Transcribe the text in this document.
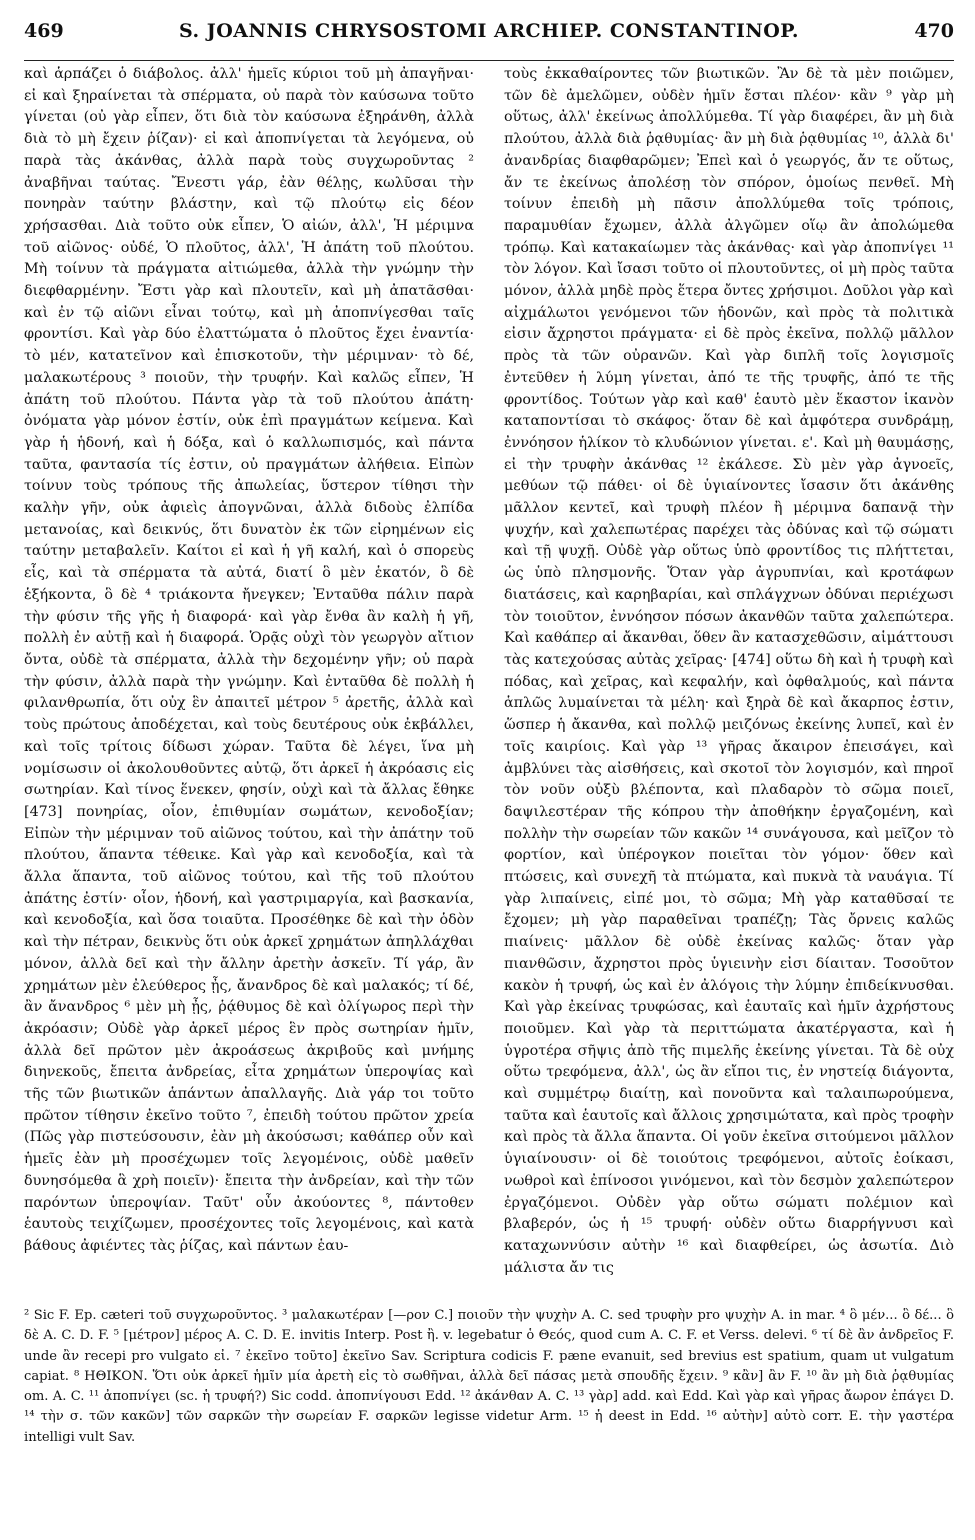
469	S. JOANNIS CHRYSOSTOMI ARCHIEP. CONSTANTINOP.	470

καὶ ἁρπάζει ὁ διάβολος. ἀλλ' ἡμεῖς κύριοι τοῦ μὴ ἀπαγῆναι· εἰ καὶ ξηραίνεται τὰ σπέρματα, οὐ παρὰ τὸν καύσωνα τοῦτο γίνεται (οὐ γὰρ εἶπεν, ὅτι διὰ τὸν καύσωνα ἐξηράνθη, ἀλλὰ διὰ τὸ μὴ ἔχειν ῥίζαν)· εἰ καὶ ἀποπνίγεται τὰ λεγόμενα, οὐ παρὰ τὰς ἀκάνθας, ἀλλὰ παρὰ τοὺς συγχωροῦντας ² ἀναβῆναι ταύτας. Ἔνεστι γάρ, ἐὰν θέλῃς, κωλῦσαι τὴν πονηρὰν ταύτην βλάστην, καὶ τῷ πλούτῳ εἰς δέον χρήσασθαι. Διὰ τοῦτο οὐκ εἶπεν, Ὁ αἰών, ἀλλ', Ἡ μέριμνα τοῦ αἰῶνος· οὐδέ, Ὁ πλοῦτος, ἀλλ', Ἡ ἀπάτη τοῦ πλούτου. Μὴ τοίνυν τὰ πράγματα αἰτιώμεθα, ἀλλὰ τὴν γνώμην τὴν διεφθαρμένην. Ἔστι γὰρ καὶ πλουτεῖν, καὶ μὴ ἀπατᾶσθαι· καὶ ἐν τῷ αἰῶνι εἶναι τούτῳ, καὶ μὴ ἀποπνίγεσθαι ταῖς φροντίσι. Καὶ γὰρ δύο ἐλαττώματα ὁ πλοῦτος ἔχει ἐναντία· τὸ μέν, κατατεῖνον καὶ ἐπισκοτοῦν, τὴν μέριμναν· τὸ δέ, μαλακωτέρους ³ ποιοῦν, τὴν τρυφήν. Καὶ καλῶς εἶπεν, Ἡ ἀπάτη τοῦ πλούτου. Πάντα γὰρ τὰ τοῦ πλούτου ἀπάτη· ὀνόματα γὰρ μόνον ἐστίν, οὐκ ἐπὶ πραγμάτων κείμενα. Καὶ γὰρ ἡ ἡδονή, καὶ ἡ δόξα, καὶ ὁ καλλωπισμός, καὶ πάντα ταῦτα, φαντασία τίς ἐστιν, οὐ πραγμάτων ἀλήθεια. Εἰπὼν τοίνυν τοὺς τρόπους τῆς ἀπωλείας, ὕστερον τίθησι τὴν καλὴν γῆν, οὐκ ἀφιεὶς ἀπογνῶναι, ἀλλὰ διδοὺς ἐλπίδα μετανοίας, καὶ δεικνύς, ὅτι δυνατὸν ἐκ τῶν εἰρημένων εἰς ταύτην μεταβαλεῖν. Καίτοι εἰ καὶ ἡ γῆ καλή, καὶ ὁ σπορεὺς εἷς, καὶ τὰ σπέρματα τὰ αὐτά, διατί ὃ μὲν ἑκατόν, ὃ δὲ ἑξήκοντα, ὃ δὲ ⁴ τριάκοντα ἤνεγκεν; Ἐνταῦθα πάλιν παρὰ τὴν φύσιν τῆς γῆς ἡ διαφορά· καὶ γὰρ ἔνθα ἂν καλὴ ἡ γῆ, πολλὴ ἐν αὐτῇ καὶ ἡ διαφορά. Ὁρᾷς οὐχὶ τὸν γεωργὸν αἴτιον ὄντα, οὐδὲ τὰ σπέρματα, ἀλλὰ τὴν δεχομένην γῆν; οὐ παρὰ τὴν φύσιν, ἀλλὰ παρὰ τὴν γνώμην. Καὶ ἐνταῦθα δὲ πολλὴ ἡ φιλανθρωπία, ὅτι οὐχ ἓν ἀπαιτεῖ μέτρον ⁵ ἀρετῆς, ἀλλὰ καὶ τοὺς πρώτους ἀποδέχεται, καὶ τοὺς δευτέρους οὐκ ἐκβάλλει, καὶ τοῖς τρίτοις δίδωσι χώραν. Ταῦτα δὲ λέγει, ἵνα μὴ νομίσωσιν οἱ ἀκολουθοῦντες αὐτῷ, ὅτι ἀρκεῖ ἡ ἀκρόασις εἰς σωτηρίαν. Καὶ τίνος ἕνεκεν, φησίν, οὐχὶ καὶ τὰ ἄλλας ἔθηκε [473] πονηρίας, οἷον, ἐπιθυμίαν σωμάτων, κενοδοξίαν; Εἰπὼν τὴν μέριμναν τοῦ αἰῶνος τούτου, καὶ τὴν ἀπάτην τοῦ πλούτου, ἅπαντα τέθεικε. Καὶ γὰρ καὶ κενοδοξία, καὶ τὰ ἄλλα ἅπαντα, τοῦ αἰῶνος τούτου, καὶ τῆς τοῦ πλούτου ἀπάτης ἐστίν· οἷον, ἡδονή, καὶ γαστριμαργία, καὶ βασκανία, καὶ κενοδοξία, καὶ ὅσα τοιαῦτα. Προσέθηκε δὲ καὶ τὴν ὁδὸν καὶ τὴν πέτραν, δεικνὺς ὅτι οὐκ ἀρκεῖ χρημάτων ἀπηλλάχθαι μόνον, ἀλλὰ δεῖ καὶ τὴν ἄλλην ἀρετὴν ἀσκεῖν. Τί γάρ, ἂν χρημάτων μὲν ἐλεύθερος ᾖς, ἄνανδρος δὲ καὶ μαλακός; τί δέ, ἂν ἄνανδρος ⁶ μὲν μὴ ᾖς, ῥᾴθυμος δὲ καὶ ὀλίγωρος περὶ τὴν ἀκρόασιν; Οὐδὲ γὰρ ἀρκεῖ μέρος ἓν πρὸς σωτηρίαν ἡμῖν, ἀλλὰ δεῖ πρῶτον μὲν ἀκροάσεως ἀκριβοῦς καὶ μνήμης διηνεκοῦς, ἔπειτα ἀνδρείας, εἶτα χρημάτων ὑπεροψίας καὶ τῆς τῶν βιωτικῶν ἁπάντων ἀπαλλαγῆς. Διὰ γάρ τοι τοῦτο πρῶτον τίθησιν ἐκεῖνο τοῦτο ⁷, ἐπειδὴ τούτου πρῶτον χρεία (Πῶς γὰρ πιστεύσουσιν, ἐὰν μὴ ἀκούσωσι; καθάπερ οὖν καὶ ἡμεῖς ἐὰν μὴ προσέχωμεν τοῖς λεγομένοις, οὐδὲ μαθεῖν δυνησόμεθα ἃ χρὴ ποιεῖν)· ἔπειτα τὴν ἀνδρείαν, καὶ τὴν τῶν παρόντων ὑπεροψίαν. Ταῦτ' οὖν ἀκούοντες ⁸, πάντοθεν ἑαυτοὺς τειχίζωμεν, προσέχοντες τοῖς λεγομένοις, καὶ κατὰ βάθους ἀφιέντες τὰς ῥίζας, καὶ πάντων ἑαυ-

τοὺς ἐκκαθαίροντες τῶν βιωτικῶν. Ἂν δὲ τὰ μὲν ποιῶμεν, τῶν δὲ ἀμελῶμεν, οὐδὲν ἡμῖν ἔσται πλέον· κἂν ⁹ γὰρ μὴ οὕτως, ἀλλ' ἐκείνως ἀπολλύμεθα. Τί γὰρ διαφέρει, ἂν μὴ διὰ πλούτου, ἀλλὰ διὰ ῥᾳθυμίας· ἂν μὴ διὰ ῥᾳθυμίας ¹⁰, ἀλλὰ δι' ἀνανδρίας διαφθαρῶμεν; Ἐπεὶ καὶ ὁ γεωργός, ἄν τε οὕτως, ἄν τε ἐκείνως ἀπολέσῃ τὸν σπόρον, ὁμοίως πενθεῖ. Μὴ τοίνυν ἐπειδὴ μὴ πᾶσιν ἀπολλύμεθα τοῖς τρόποις, παραμυθίαν ἔχωμεν, ἀλλὰ ἀλγῶμεν οἵῳ ἂν ἀπολώμεθα τρόπῳ. Καὶ κατακαίωμεν τὰς ἀκάνθας· καὶ γὰρ ἀποπνίγει ¹¹ τὸν λόγον. Καὶ ἴσασι τοῦτο οἱ πλουτοῦντες, οἱ μὴ πρὸς ταῦτα μόνον, ἀλλὰ μηδὲ πρὸς ἕτερα ὄντες χρήσιμοι. Δοῦλοι γὰρ καὶ αἰχμάλωτοι γενόμενοι τῶν ἡδονῶν, καὶ πρὸς τὰ πολιτικὰ εἰσιν ἄχρηστοι πράγματα· εἰ δὲ πρὸς ἐκεῖνα, πολλῷ μᾶλλον πρὸς τὰ τῶν οὐρανῶν. Καὶ γὰρ διπλῆ τοῖς λογισμοῖς ἐντεῦθεν ἡ λύμη γίνεται, ἀπό τε τῆς τρυφῆς, ἀπό τε τῆς φροντίδος. Τούτων γὰρ καὶ καθ' ἑαυτὸ μὲν ἕκαστον ἱκανὸν καταποντίσαι τὸ σκάφος· ὅταν δὲ καὶ ἀμφότερα συνδράμῃ, ἐννόησον ἡλίκον τὸ κλυδώνιον γίνεται. ε'. Καὶ μὴ θαυμάσῃς, εἰ τὴν τρυφὴν ἀκάνθας ¹² ἐκάλεσε. Σὺ μὲν γὰρ ἀγνοεῖς, μεθύων τῷ πάθει· οἱ δὲ ὑγιαίνοντες ἴσασιν ὅτι ἀκάνθης μᾶλλον κεντεῖ, καὶ τρυφὴ πλέον ἢ μέριμνα δαπανᾷ τὴν ψυχήν, καὶ χαλεπωτέρας παρέχει τὰς ὀδύνας καὶ τῷ σώματι καὶ τῇ ψυχῇ. Οὐδὲ γὰρ οὕτως ὑπὸ φροντίδος τις πλήττεται, ὡς ὑπὸ πλησμονῆς. Ὅταν γὰρ ἀγρυπνίαι, καὶ κροτάφων διατάσεις, καὶ καρηβαρίαι, καὶ σπλάγχνων ὀδύναι περιέχωσι τὸν τοιοῦτον, ἐννόησον πόσων ἀκανθῶν ταῦτα χαλεπώτερα. Καὶ καθάπερ αἱ ἄκανθαι, ὅθεν ἂν κατασχεθῶσιν, αἱμάττουσι τὰς κατεχούσας αὐτὰς χεῖρας· [474] οὕτω δὴ καὶ ἡ τρυφὴ καὶ πόδας, καὶ χεῖρας, καὶ κεφαλήν, καὶ ὀφθαλμούς, καὶ πάντα ἁπλῶς λυμαίνεται τὰ μέλη· καὶ ξηρὰ δὲ καὶ ἄκαρπος ἐστιν, ὥσπερ ἡ ἄκανθα, καὶ πολλῷ μειζόνως ἐκείνης λυπεῖ, καὶ ἐν τοῖς καιρίοις. Καὶ γὰρ ¹³ γῆρας ἄκαιρον ἐπεισάγει, καὶ ἀμβλύνει τὰς αἰσθήσεις, καὶ σκοτοῖ τὸν λογισμόν, καὶ πηροῖ τὸν νοῦν οὐξὺ βλέποντα, καὶ πλαδαρὸν τὸ σῶμα ποιεῖ, δαψιλεστέραν τῆς κόπρου τὴν ἀποθήκην ἐργαζομένη, καὶ πολλὴν τὴν σωρείαν τῶν κακῶν ¹⁴ συνάγουσα, καὶ μεῖζον τὸ φορτίον, καὶ ὑπέρογκον ποιεῖται τὸν γόμον· ὅθεν καὶ πτώσεις, καὶ συνεχῆ τὰ πτώματα, καὶ πυκνὰ τὰ ναυάγια. Τί γὰρ λιπαίνεις, εἰπέ μοι, τὸ σῶμα; Μὴ γὰρ καταθῦσαί τε ἔχομεν; μὴ γὰρ παραθεῖναι τραπέζῃ; Τὰς ὄρνεις καλῶς πιαίνεις· μᾶλλον δὲ οὐδὲ ἐκείνας καλῶς· ὅταν γὰρ πιανθῶσιν, ἄχρηστοι πρὸς ὑγιεινὴν εἰσι δίαιταν. Τοσοῦτον κακὸν ἡ τρυφή, ὡς καὶ ἐν ἀλόγοις τὴν λύμην ἐπιδείκνυσθαι. Καὶ γὰρ ἐκείνας τρυφώσας, καὶ ἑαυταῖς καὶ ἡμῖν ἀχρήστους ποιοῦμεν. Καὶ γὰρ τὰ περιττώματα ἀκατέργαστα, καὶ ἡ ὑγροτέρα σῆψις ἀπὸ τῆς πιμελῆς ἐκείνης γίνεται. Τὰ δὲ οὐχ οὕτω τρεφόμενα, ἀλλ', ὡς ἂν εἴποι τις, ἐν νηστείᾳ διάγοντα, καὶ συμμέτρῳ διαίτῃ, καὶ πονοῦντα καὶ ταλαιπωρούμενα, ταῦτα καὶ ἑαυτοῖς καὶ ἄλλοις χρησιμώτατα, καὶ πρὸς τροφὴν καὶ πρὸς τὰ ἄλλα ἅπαντα. Οἱ γοῦν ἐκεῖνα σιτούμενοι μᾶλλον ὑγιαίνουσιν· οἱ δὲ τοιούτοις τρεφόμενοι, αὐτοῖς ἐοίκασι, νωθροὶ καὶ ἐπίνοσοι γινόμενοι, καὶ τὸν δεσμὸν χαλεπώτερον ἐργαζόμενοι. Οὐδὲν γὰρ οὕτω σώματι πολέμιον καὶ βλαβερόν, ὡς ἡ ¹⁵ τρυφή· οὐδὲν οὕτω διαρρήγνυσι καὶ καταχωννύσιν αὐτὴν ¹⁶ καὶ διαφθείρει, ὡς ἀσωτία. Διὸ μάλιστα ἄν τις

² Sic F. Ep. cæteri τοῦ συγχωροῦντος. ³ μαλακωτέραν [—ρον C.] ποιοῦν τὴν ψυχὴν A. C. sed τρυφὴν pro ψυχὴν A. in mar. ⁴ ὃ μέν... ὃ δέ... ὃ δὲ A. C. D. F. ⁵ [μέτρον] μέρος A. C. D. E. invitis Interp. Post ἢ. v. legebatur ὁ Θεός, quod cum A. C. F. et Verss. delevi. ⁶ τί δὲ ἂν ἀνδρεῖος F. unde ἂν recepi pro vulgato εἰ. ⁷ ἐκεῖνο τοῦτο] ἐκεῖνο Sav. Scriptura codicis F. pæne evanuit, sed brevius est spatium, quam ut vulgatum capiat. ⁸ ΗΘΙΚΟΝ. Ὅτι οὐκ ἀρκεῖ ἡμῖν μία ἀρετὴ εἰς τὸ σωθῆναι, ἀλλὰ δεῖ πάσας μετὰ σπουδῆς ἔχειν. ⁹ κἂν] ἂν F. ¹⁰ ἂν μὴ διὰ ῥᾳθυμίας om. A. C. ¹¹ ἀποπνίγει (sc. ἡ τρυφή?) Sic codd. ἀποπνίγουσι Edd. ¹² ἀκάνθαν A. C. ¹³ γὰρ] add. καὶ Edd. Καὶ γὰρ καὶ γῆρας ἄωρον ἐπάγει D. ¹⁴ τὴν σ. τῶν κακῶν] τῶν σαρκῶν τὴν σωρείαν F. σαρκῶν legisse videtur Arm. ¹⁵ ἡ deest in Edd. ¹⁶ αὐτὴν] αὐτὸ corr. E. τὴν γαστέρα intelligi vult Sav.
